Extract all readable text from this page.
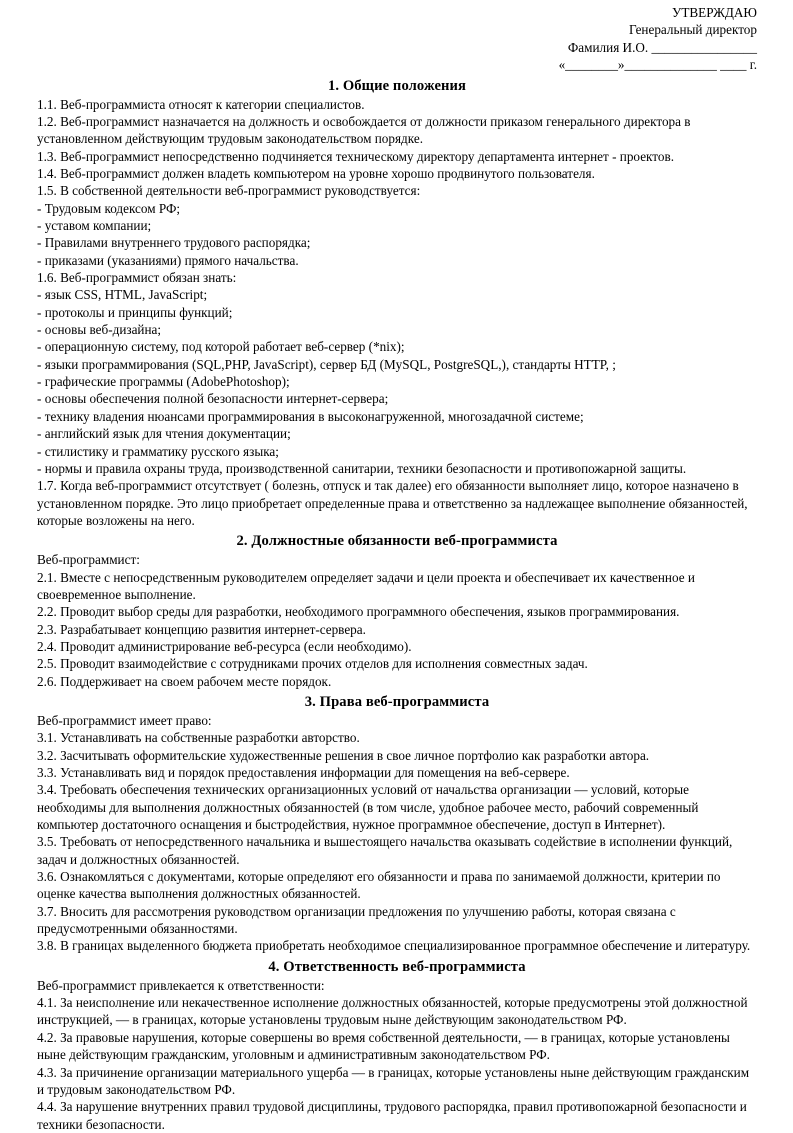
УТВЕРЖДАЮ
Генеральный директор
Фамилия И.О. ________________
«________»______________ ____ г.
1. Общие положения

1.1. Веб-программиста относят к категории специалистов.

1.2. Веб-программист назначается на должность и освобождается от должности приказом генерального директора в установленном действующим трудовым законодательством порядке.

1.3. Веб-программист непосредственно подчиняется техническому директору департамента интернет - проектов.

1.4. Веб-программист должен владеть компьютером на уровне хорошо продвинутого пользователя.

1.5. В собственной деятельности веб-программист руководствуется:

- Трудовым кодексом РФ;

- уставом компании;

- Правилами внутреннего трудового распорядка;

- приказами (указаниями) прямого начальства.

1.6. Веб-программист обязан знать:

- язык CSS, HTML, JavaScript;

- протоколы и принципы функций;

- основы веб-дизайна;

- операционную систему, под которой работает веб-сервер (*nix);

- языки программирования (SQL,PHP, JavaScript), сервер БД (MySQL, PostgreSQL,), стандарты HTTP, ;

- графические программы (AdobePhotoshop);

- основы обеспечения полной безопасности интернет-сервера;

- технику владения нюансами программирования в высоконагруженной, многозадачной системе;

- английский язык для чтения документации;

- стилистику и грамматику русского языка;

- нормы и правила охраны труда, производственной санитарии, техники безопасности и противопожарной защиты.

1.7. Когда веб-программист отсутствует ( болезнь, отпуск и так далее) его обязанности выполняет лицо, которое назначено в установленном порядке. Это лицо приобретает определенные права и ответственно за надлежащее выполнение обязанностей, которые возложены на него.

2. Должностные обязанности веб-программиста

Веб-программист:

2.1. Вместе с непосредственным руководителем определяет задачи и цели проекта и обеспечивает их качественное и своевременное выполнение.

2.2. Проводит выбор среды для разработки, необходимого программного обеспечения, языков программирования.

2.3. Разрабатывает концепцию развития интернет-сервера.

2.4. Проводит администрирование веб-ресурса (если необходимо).

2.5. Проводит взаимодействие с сотрудниками прочих отделов для исполнения совместных задач.

2.6. Поддерживает на своем рабочем месте порядок.

3. Права веб-программиста

Веб-программист имеет право:

3.1. Устанавливать на собственные разработки авторство.

3.2. Засчитывать оформительские художественные решения в свое личное портфолио как разработки автора.

3.3. Устанавливать вид и порядок предоставления информации для помещения на веб-сервере.

3.4. Требовать обеспечения технических организационных условий от начальства организации — условий, которые необходимы для выполнения должностных обязанностей (в том числе, удобное рабочее место, рабочий современный компьютер достаточного оснащения и быстродействия, нужное программное обеспечение, доступ в Интернет).

3.5. Требовать от непосредственного начальника и вышестоящего начальства оказывать содействие в исполнении функций, задач и должностных обязанностей.

3.6. Ознакомляться с документами, которые определяют его обязанности и права по занимаемой должности, критерии по оценке качества выполнения должностных обязанностей.

3.7. Вносить для рассмотрения руководством организации предложения по улучшению работы, которая связана с предусмотренными обязанностями.

3.8. В границах выделенного бюджета приобретать необходимое специализированное программное обеспечение и литературу.

4. Ответственность веб-программиста

Веб-программист привлекается к ответственности:

4.1. За неисполнение или некачественное исполнение должностных обязанностей, которые предусмотрены этой должностной инструкцией, — в границах, которые установлены трудовым ныне действующим законодательством РФ.

4.2. За правовые нарушения, которые совершены во время собственной деятельности, — в границах, которые установлены ныне действующим гражданским, уголовным и административным законодательством РФ.

4.3. За причинение организации материального ущерба — в границах, которые установлены ныне действующим гражданским и трудовым законодательством РФ.

4.4. За нарушение внутренних правил трудовой дисциплины, трудового распорядка, правил противопожарной безопасности и техники безопасности.
